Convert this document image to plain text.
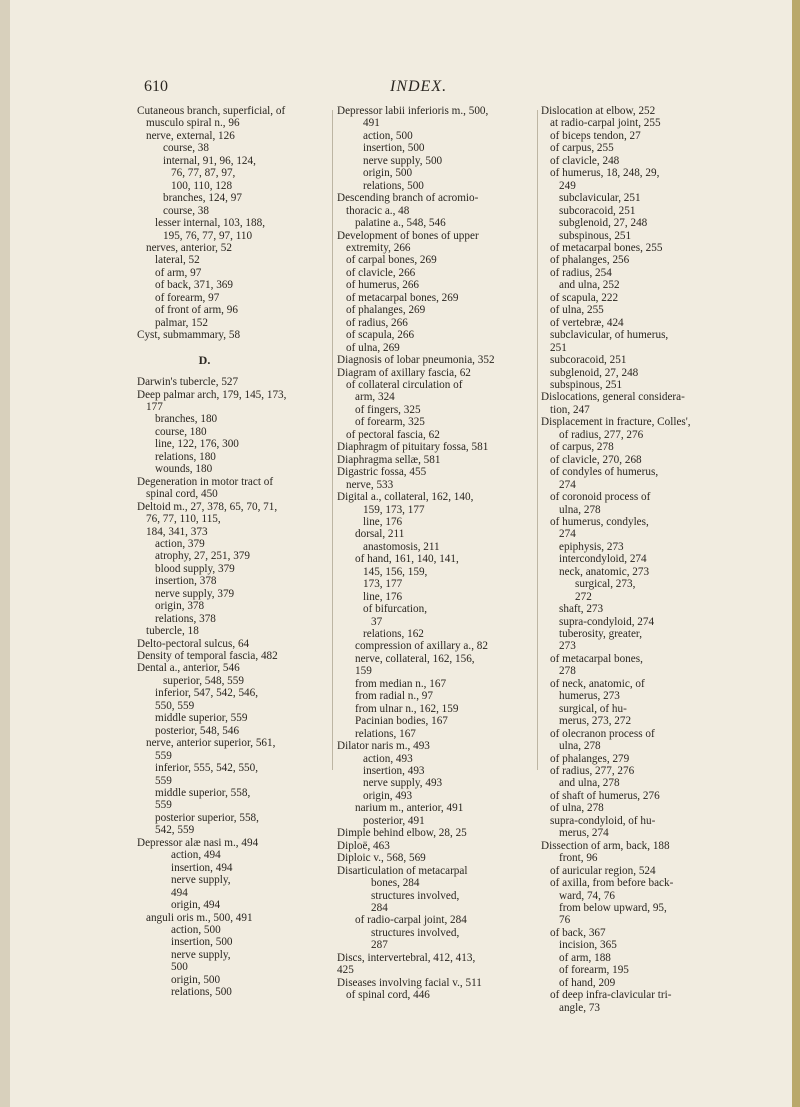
610	INDEX.
Cutaneous branch, superficial, of
musculo spiral n., 96
nerve, external, 126
course, 38
internal, 91, 96, 124,
76, 77, 87, 97,
100, 110, 128
branches, 124, 97
course, 38
lesser internal, 103, 188,
195, 76, 77, 97, 110
nerves, anterior, 52
lateral, 52
of arm, 97
of back, 371, 369
of forearm, 97
of front of arm, 96
palmar, 152
Cyst, submammary, 58
D.
Darwin's tubercle, 527
Deep palmar arch, 179, 145, 173,
177
branches, 180
course, 180
line, 122, 176, 300
relations, 180
wounds, 180
Degeneration in motor tract of
spinal cord, 450
Deltoid m., 27, 378, 65, 70, 71,
76, 77, 110, 115,
184, 341, 373
action, 379
atrophy, 27, 251, 379
blood supply, 379
insertion, 378
nerve supply, 379
origin, 378
relations, 378
tubercle, 18
Delto-pectoral sulcus, 64
Density of temporal fascia, 482
Dental a., anterior, 546
superior, 548, 559
inferior, 547, 542, 546,
550, 559
middle superior, 559
posterior, 548, 546
nerve, anterior superior, 561,
559
inferior, 555, 542, 550,
559
middle superior, 558,
559
posterior superior, 558,
542, 559
Depressor alæ nasi m., 494
action, 494
insertion, 494
nerve supply,
494
origin, 494
anguli oris m., 500, 491
action, 500
insertion, 500
nerve supply,
500
origin, 500
relations, 500
Depressor labii inferioris m., 500,
491
action, 500
insertion, 500
nerve supply, 500
origin, 500
relations, 500
Descending branch of acromio-
thoracic a., 48
palatine a., 548, 546
Development of bones of upper
extremity, 266
of carpal bones, 269
of clavicle, 266
of humerus, 266
of metacarpal bones, 269
of phalanges, 269
of radius, 266
of scapula, 266
of ulna, 269
Diagnosis of lobar pneumonia, 352
Diagram of axillary fascia, 62
of collateral circulation of
arm, 324
of fingers, 325
of forearm, 325
of pectoral fascia, 62
Diaphragm of pituitary fossa, 581
Diaphragma sellæ, 581
Digastric fossa, 455
nerve, 533
Digital a., collateral, 162, 140,
159, 173, 177
line, 176
dorsal, 211
anastomosis, 211
of hand, 161, 140, 141,
145, 156, 159,
173, 177
line, 176
of bifurcation,
37
relations, 162
compression of axillary a., 82
nerve, collateral, 162, 156,
159
from median n., 167
from radial n., 97
from ulnar n., 162, 159
Pacinian bodies, 167
relations, 167
Dilator naris m., 493
action, 493
insertion, 493
nerve supply, 493
origin, 493
narium m., anterior, 491
posterior, 491
Dimple behind elbow, 28, 25
Diploë, 463
Diploic v., 568, 569
Disarticulation of metacarpal
bones, 284
structures involved,
284
of radio-carpal joint, 284
structures involved,
287
Discs, intervertebral, 412, 413,
425
Diseases involving facial v., 511
of spinal cord, 446
Dislocation at elbow, 252
at radio-carpal joint, 255
of biceps tendon, 27
of carpus, 255
of clavicle, 248
of humerus, 18, 248, 29,
249
subclavicular, 251
subcoracoid, 251
subglenoid, 27, 248
subspinous, 251
of metacarpal bones, 255
of phalanges, 256
of radius, 254
and ulna, 252
of scapula, 222
of ulna, 255
of vertebræ, 424
subclavicular, of humerus,
251
subcoracoid, 251
subglenoid, 27, 248
subspinous, 251
Dislocations, general considera-
tion, 247
Displacement in fracture, Colles',
of radius, 277, 276
of carpus, 278
of clavicle, 270, 268
of condyles of humerus,
274
of coronoid process of
ulna, 278
of humerus, condyles,
274
epiphysis, 273
intercondyloid, 274
neck, anatomic, 273
surgical, 273,
272
shaft, 273
supra-condyloid, 274
tuberosity, greater,
273
of metacarpal bones,
278
of neck, anatomic, of
humerus, 273
surgical, of hu-
merus, 273, 272
of olecranon process of
ulna, 278
of phalanges, 279
of radius, 277, 276
and ulna, 278
of shaft of humerus, 276
of ulna, 278
supra-condyloid, of hu-
merus, 274
Dissection of arm, back, 188
front, 96
of auricular region, 524
of axilla, from before back-
ward, 74, 76
from below upward, 95,
76
of back, 367
incision, 365
of arm, 188
of forearm, 195
of hand, 209
of deep infra-clavicular tri-
angle, 73
